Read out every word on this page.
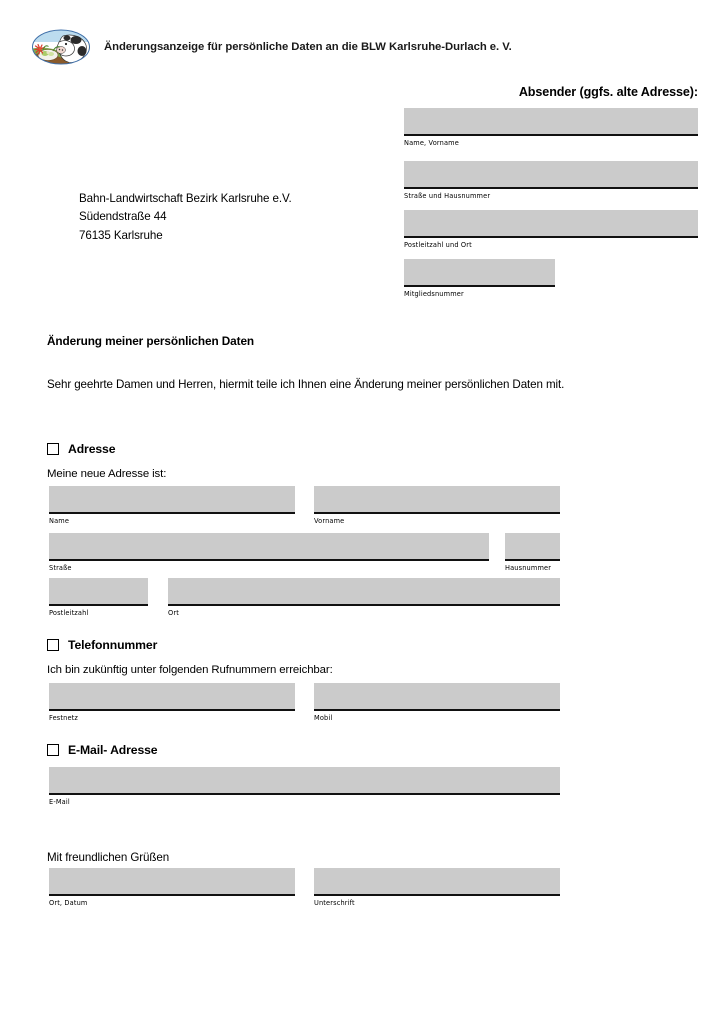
Änderungsanzeige für persönliche Daten an die BLW Karlsruhe-Durlach e. V.
Absender (ggfs. alte Adresse):
Name, Vorname
Straße und Hausnummer
Postleitzahl und Ort
Mitgliedsnummer
Bahn-Landwirtschaft Bezirk Karlsruhe e.V.
Südendstraße 44
76135 Karlsruhe
Änderung meiner persönlichen Daten
Sehr geehrte Damen und Herren, hiermit teile ich Ihnen eine Änderung meiner persönlichen Daten mit.
Adresse
Meine neue Adresse ist:
Name	Vorname
Straße	Hausnummer
Postleitzahl	Ort
Telefonnummer
Ich bin zukünftig unter folgenden Rufnummern erreichbar:
Festnetz	Mobil
E-Mail- Adresse
E-Mail
Mit freundlichen Grüßen
Ort, Datum	Unterschrift
